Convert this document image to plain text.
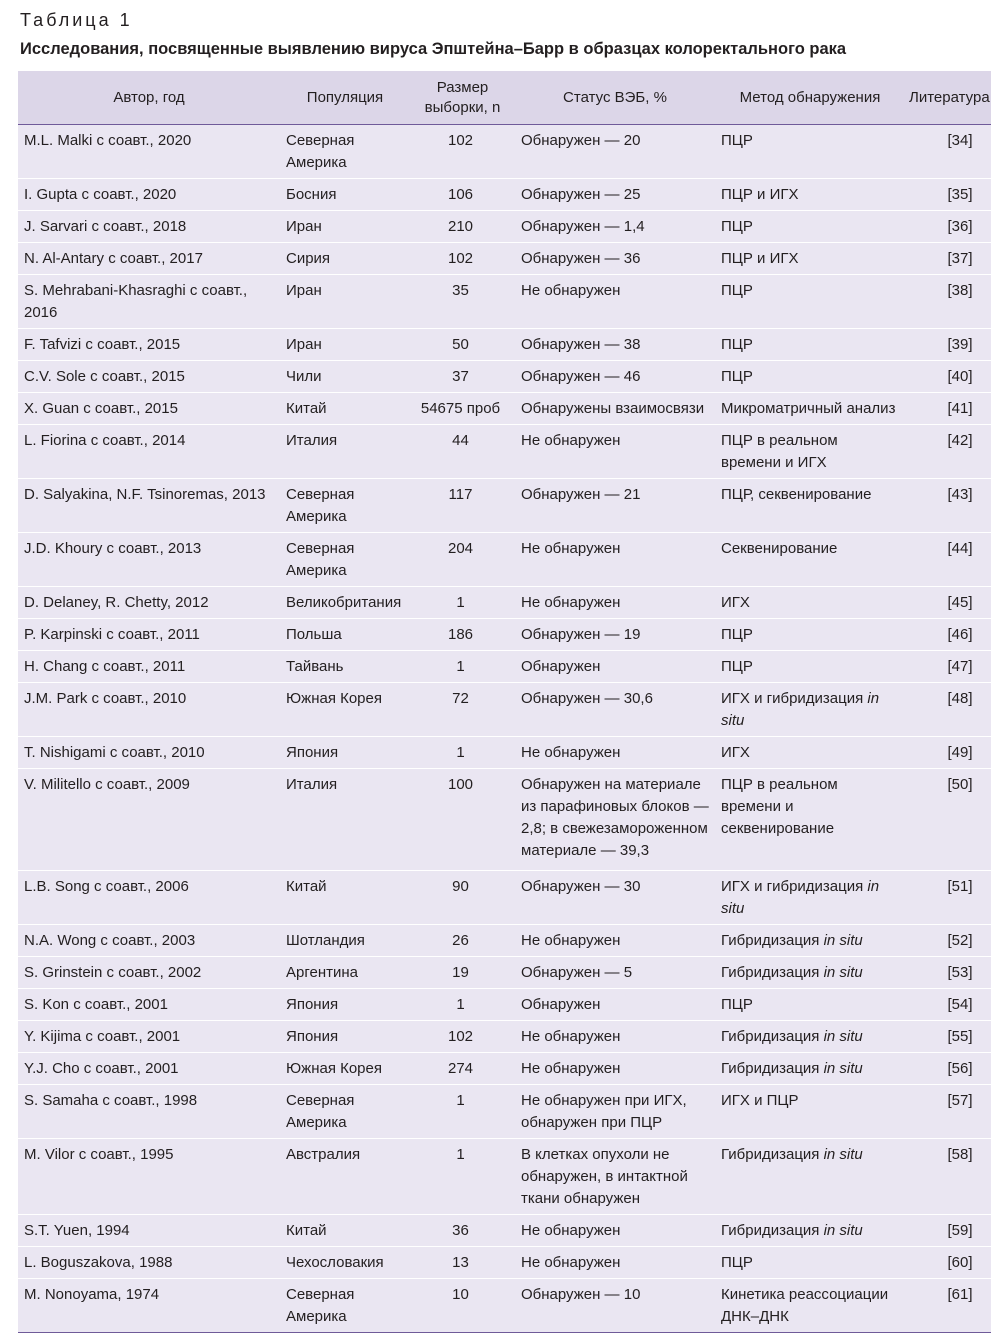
Таблица 1
Исследования, посвященные выявлению вируса Эпштейна–Барр в образцах колоректального рака
Автор, год	Популяция	Размер выборки, n	Статус ВЭБ, %	Метод обнаружения	Литература
M.L. Malki с соавт., 2020	Северная Америка	102	Обнаружен — 20	ПЦР	[34]
I. Gupta с соавт., 2020	Босния	106	Обнаружен — 25	ПЦР и ИГХ	[35]
J. Sarvari с соавт., 2018	Иран	210	Обнаружен — 1,4	ПЦР	[36]
N. Al-Antary с соавт., 2017	Сирия	102	Обнаружен — 36	ПЦР и ИГХ	[37]
S. Mehrabani-Khasraghi с соавт., 2016	Иран	35	Не обнаружен	ПЦР	[38]
F. Tafvizi с соавт., 2015	Иран	50	Обнаружен — 38	ПЦР	[39]
C.V. Sole с соавт., 2015	Чили	37	Обнаружен — 46	ПЦР	[40]
X. Guan с соавт., 2015	Китай	54675 проб	Обнаружены взаимосвязи	Микроматричный анализ	[41]
L. Fiorina с соавт., 2014	Италия	44	Не обнаружен	ПЦР в реальном времени и ИГХ	[42]
D. Salyakina, N.F. Tsinoremas, 2013	Северная Америка	117	Обнаружен — 21	ПЦР, секвенирование	[43]
J.D. Khoury с соавт., 2013	Северная Америка	204	Не обнаружен	Секвенирование	[44]
D. Delaney, R. Chetty, 2012	Великобритания	1	Не обнаружен	ИГХ	[45]
P. Karpinski с соавт., 2011	Польша	186	Обнаружен — 19	ПЦР	[46]
H. Chang с соавт., 2011	Тайвань	1	Обнаружен	ПЦР	[47]
J.M. Park с соавт., 2010	Южная Корея	72	Обнаружен — 30,6	ИГХ и гибридизация in situ	[48]
T. Nishigami с соавт., 2010	Япония	1	Не обнаружен	ИГХ	[49]
V. Militello с соавт., 2009	Италия	100	Обнаружен на материале из парафиновых блоков — 2,8; в свежезамороженном материале — 39,3	ПЦР в реальном времени и секвенирование	[50]
L.B. Song с соавт., 2006	Китай	90	Обнаружен — 30	ИГХ и гибридизация in situ	[51]
N.A. Wong с соавт., 2003	Шотландия	26	Не обнаружен	Гибридизация in situ	[52]
S. Grinstein с соавт., 2002	Аргентина	19	Обнаружен — 5	Гибридизация in situ	[53]
S. Kon с соавт., 2001	Япония	1	Обнаружен	ПЦР	[54]
Y. Kijima с соавт., 2001	Япония	102	Не обнаружен	Гибридизация in situ	[55]
Y.J. Cho с соавт., 2001	Южная Корея	274	Не обнаружен	Гибридизация in situ	[56]
S. Samaha с соавт., 1998	Северная Америка	1	Не обнаружен при ИГХ, обнаружен при ПЦР	ИГХ и ПЦР	[57]
M. Vilor с соавт., 1995	Австралия	1	В клетках опухоли не обнаружен, в интактной ткани обнаружен	Гибридизация in situ	[58]
S.T. Yuen, 1994	Китай	36	Не обнаружен	Гибридизация in situ	[59]
L. Boguszakova, 1988	Чехословакия	13	Не обнаружен	ПЦР	[60]
M. Nonoyama, 1974	Северная Америка	10	Обнаружен — 10	Кинетика реассоциации ДНК–ДНК	[61]
